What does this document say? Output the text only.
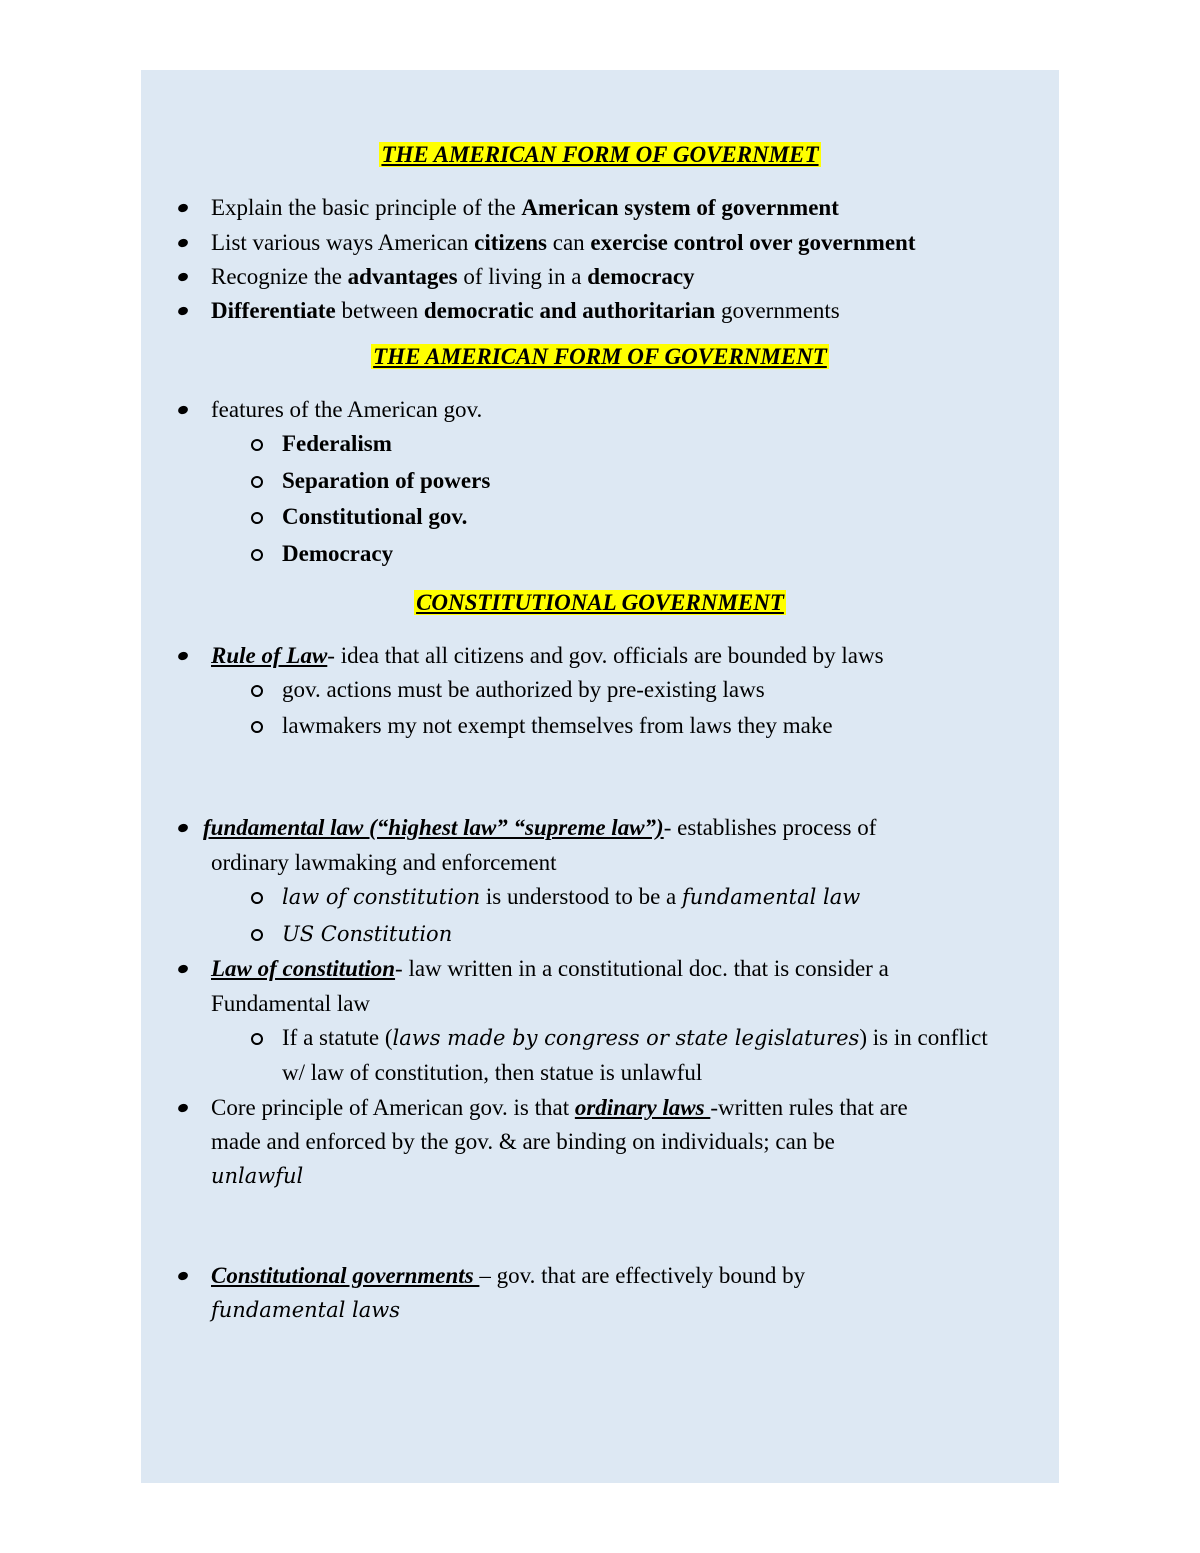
THE AMERICAN FORM OF GOVERNMET
Explain the basic principle of the American system of government
List various ways American citizens can exercise control over government
Recognize the advantages of living in a democracy
Differentiate between democratic and authoritarian governments
THE AMERICAN FORM OF GOVERNMENT
features of the American gov.
Federalism
Separation of powers
Constitutional gov.
Democracy
CONSTITUTIONAL GOVERNMENT
Rule of Law- idea that all citizens and gov. officials are bounded by laws
gov. actions must be authorized by pre-existing laws
lawmakers my not exempt themselves from laws they make
fundamental law (“highest law” “supreme law”)- establishes process of
ordinary lawmaking and enforcement
law of constitution is understood to be a fundamental law
US Constitution
Law of constitution- law written in a constitutional doc. that is consider a
Fundamental law
If a statute (laws made by congress or state legislatures) is in conflict
w/ law of constitution, then statue is unlawful
Core principle of American gov. is that ordinary laws -written rules that are
made and enforced by the gov. & are binding on individuals; can be
unlawful
Constitutional governments – gov. that are effectively bound by
fundamental laws
